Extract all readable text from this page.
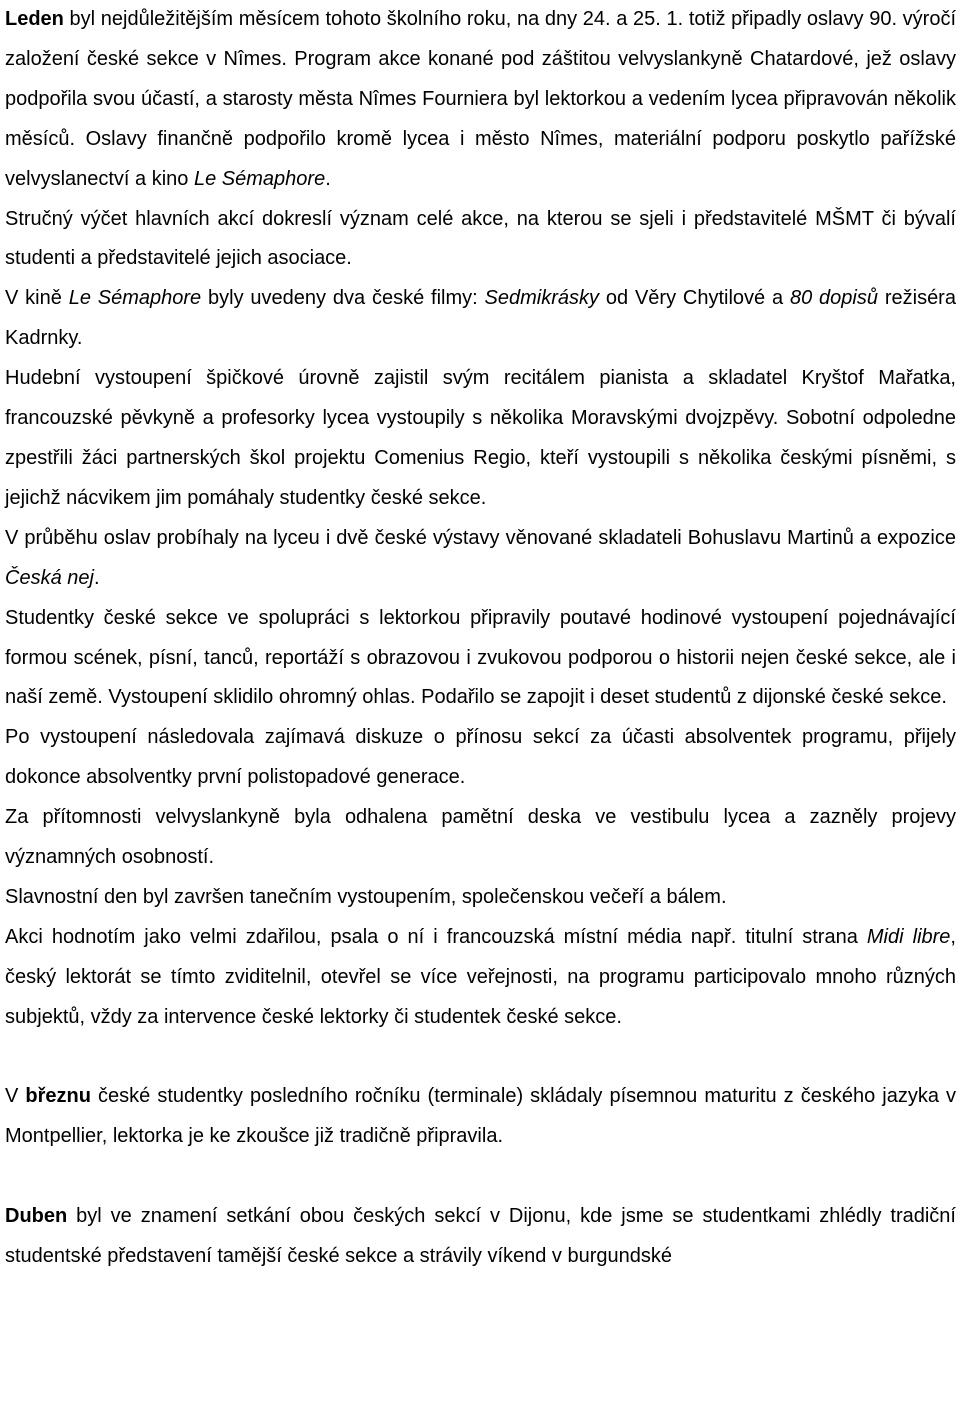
Leden byl nejdůležitějším měsícem tohoto školního roku, na dny 24. a 25. 1. totiž připadly oslavy 90. výročí založení české sekce v Nîmes. Program akce konané pod záštitou velvyslankyně Chatardové, jež oslavy podpořila svou účastí, a starosty města Nîmes Fourniera byl lektorkou a vedením lycea připravován několik měsíců. Oslavy finančně podpořilo kromě lycea i město Nîmes, materiální podporu poskytlo pařížské velvyslanectví a kino Le Sémaphore.

Stručný výčet hlavních akcí dokreslí význam celé akce, na kterou se sjeli i představitelé MŠMT či bývalí studenti a představitelé jejich asociace.

V kině Le Sémaphore byly uvedeny dva české filmy: Sedmikrásky od Věry Chytilové a 80 dopisů režiséra Kadrnky.

Hudební vystoupení špičkové úrovně zajistil svým recitálem pianista a skladatel Kryštof Mařatka, francouzské pěvkyně a profesorky lycea vystoupily s několika Moravskými dvojzpěvy. Sobotní odpoledne zpestřili žáci partnerských škol projektu Comenius Regio, kteří vystoupili s několika českými písněmi, s jejichž nácvikem jim pomáhaly studentky české sekce.

V průběhu oslav probíhaly na lyceu i dvě české výstavy věnované skladateli Bohuslavu Martinů a expozice Česká nej.

Studentky české sekce ve spolupráci s lektorkou připravily poutavé hodinové vystoupení pojednávající formou scének, písní, tanců, reportáží s obrazovou i zvukovou podporou o historii nejen české sekce, ale i naší země. Vystoupení sklidilo ohromný ohlas. Podařilo se zapojit i deset studentů z dijonské české sekce.

Po vystoupení následovala zajímavá diskuze o přínosu sekcí za účasti absolventek programu, přijely dokonce absolventky první polistopadové generace.

Za přítomnosti velvyslankyně byla odhalena pamětní deska ve vestibulu lycea a zazněly projevy významných osobností.

Slavnostní den byl završen tanečním vystoupením, společenskou večeří a bálem.

Akci hodnotím jako velmi zdařilou, psala o ní i francouzská místní média např. titulní strana Midi libre, český lektorát se tímto zviditelnil, otevřel se více veřejnosti, na programu participovalo mnoho různých subjektů, vždy za intervence české lektorky či studentek české sekce.

V březnu české studentky posledního ročníku (terminale) skládaly písemnou maturitu z českého jazyka v Montpellier, lektorka je ke zkoušce již tradičně připravila.

Duben byl ve znamení setkání obou českých sekcí v Dijonu, kde jsme se studentkami zhlédly tradiční studentské představení tamější české sekce a strávily víkend v burgundské
